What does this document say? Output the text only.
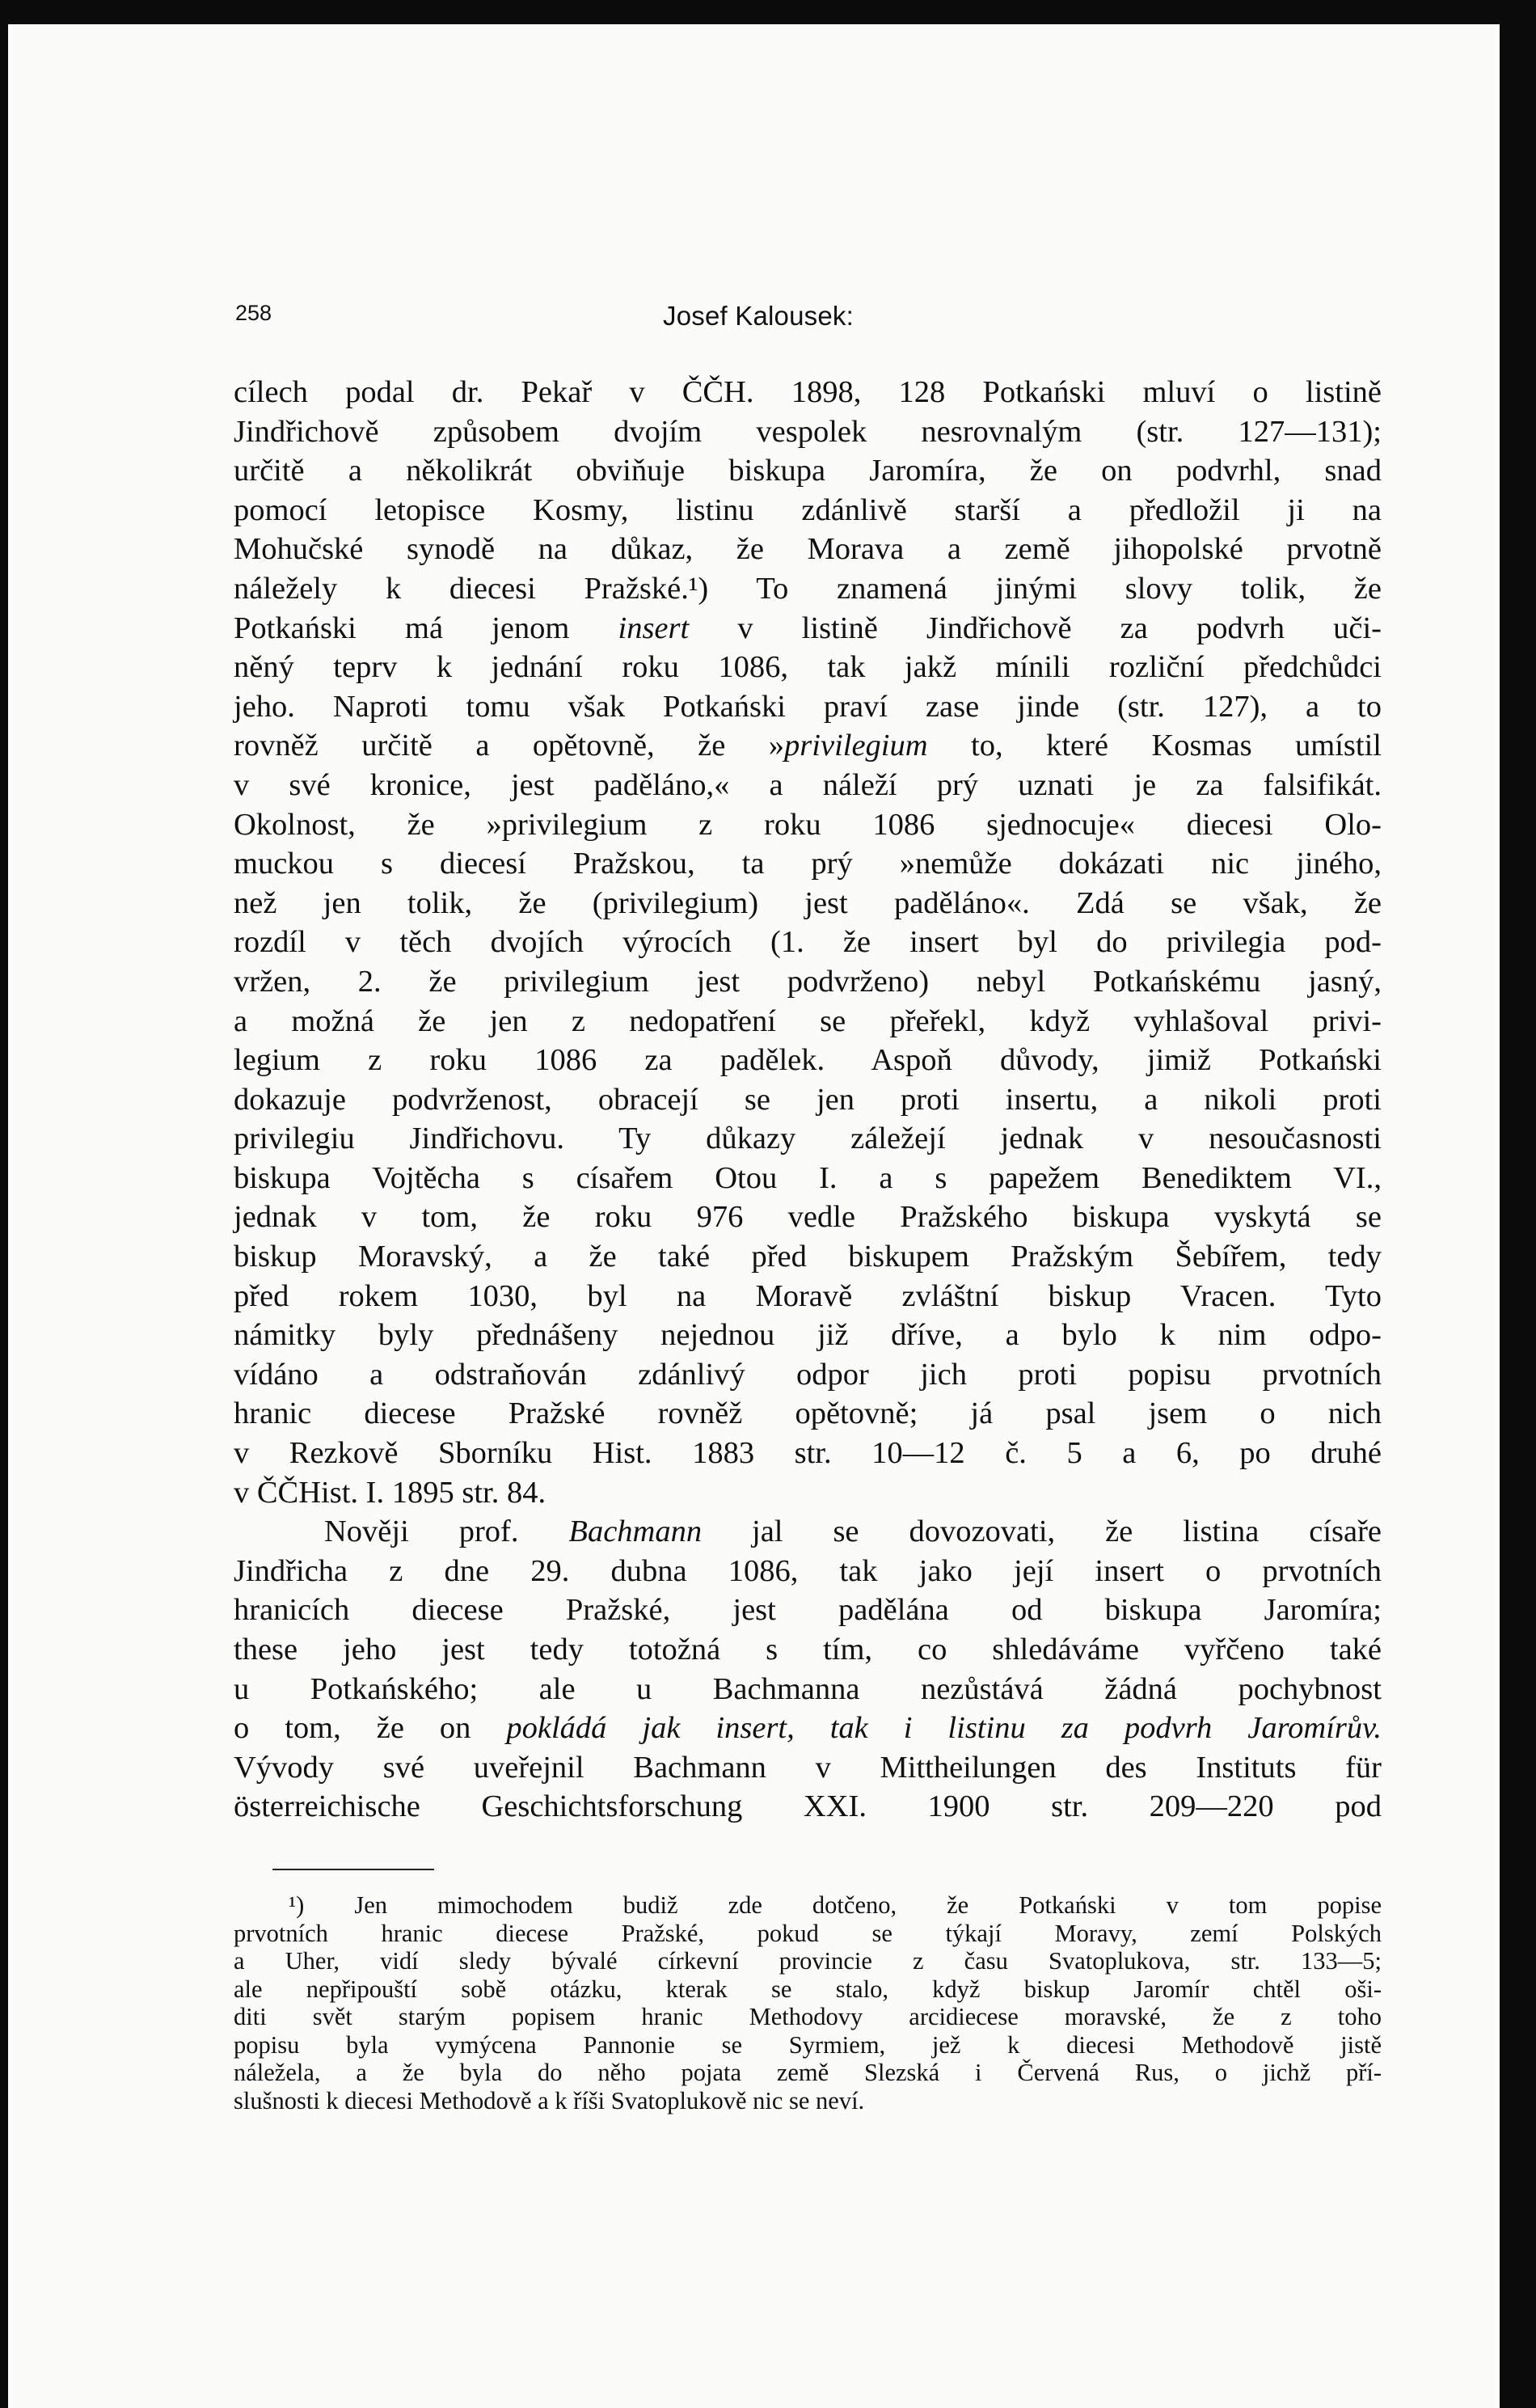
258	Josef Kalousek:
cílech podal dr. Pekař v ČČH. 1898, 128 Potkański mluví o listině
Jindřichově způsobem dvojím vespolek nesrovnalým (str. 127—131);
určitě a několikrát obviňuje biskupa Jaromíra, že on podvrhl, snad
pomocí letopisce Kosmy, listinu zdánlivě starší a předložil ji na
Mohučské synodě na důkaz, že Morava a země jihopolské prvotně
náležely k diecesi Pražské.¹) To znamená jinými slovy tolik, že
Potkański má jenom insert v listině Jindřichově za podvrh uči-
něný teprv k jednání roku 1086, tak jakž mínili rozliční předchůdci
jeho. Naproti tomu však Potkański praví zase jinde (str. 127), a to
rovněž určitě a opětovně, že »privilegium to, které Kosmas umístil
v své kronice, jest paděláno,« a náleží prý uznati je za falsifikát.
Okolnost, že »privilegium z roku 1086 sjednocuje« diecesi Olo-
muckou s diecesí Pražskou, ta prý »nemůže dokázati nic jiného,
než jen tolik, že (privilegium) jest paděláno«. Zdá se však, že
rozdíl v těch dvojích výrocích (1. že insert byl do privilegia pod-
vržen, 2. že privilegium jest podvrženo) nebyl Potkańskému jasný,
a možná že jen z nedopatření se přeřekl, když vyhlašoval privi-
legium z roku 1086 za padělek. Aspoň důvody, jimiž Potkański
dokazuje podvrženost, obracejí se jen proti insertu, a nikoli proti
privilegiu Jindřichovu. Ty důkazy záležejí jednak v nesoučasnosti
biskupa Vojtěcha s císařem Otou I. a s papežem Benediktem VI.,
jednak v tom, že roku 976 vedle Pražského biskupa vyskytá se
biskup Moravský, a že také před biskupem Pražským Šebířem, tedy
před rokem 1030, byl na Moravě zvláštní biskup Vracen. Tyto
námitky byly přednášeny nejednou již dříve, a bylo k nim odpo-
vídáno a odstraňován zdánlivý odpor jich proti popisu prvotních
hranic diecese Pražské rovněž opětovně; já psal jsem o nich
v Rezkově Sborníku Hist. 1883 str. 10—12 č. 5 a 6, po druhé
v ČČHist. I. 1895 str. 84.
Nověji prof. Bachmann jal se dovozovati, že listina císaře
Jindřicha z dne 29. dubna 1086, tak jako její insert o prvotních
hranicích diecese Pražské, jest padělána od biskupa Jaromíra;
these jeho jest tedy totožná s tím, co shledáváme vyřčeno také
u Potkańského; ale u Bachmanna nezůstává žádná pochybnost
o tom, že on pokládá jak insert, tak i listinu za podvrh Jaromírův.
Vývody své uveřejnil Bachmann v Mittheilungen des Instituts für
österreichische Geschichtsforschung XXI. 1900 str. 209—220 pod
¹) Jen mimochodem budiž zde dotčeno, že Potkański v tom popise
prvotních hranic diecese Pražské, pokud se týkají Moravy, zemí Polských
a Uher, vidí sledy bývalé církevní provincie z času Svatoplukova, str. 133—5;
ale nepřipouští sobě otázku, kterak se stalo, když biskup Jaromír chtěl oši-
diti svět starým popisem hranic Methodovy arcidiecese moravské, že z toho
popisu byla vymýcena Pannonie se Syrmiem, jež k diecesi Methodově jistě
náležela, a že byla do něho pojata země Slezská i Červená Rus, o jichž pří-
slušnosti k diecesi Methodově a k říši Svatoplukově nic se neví.
